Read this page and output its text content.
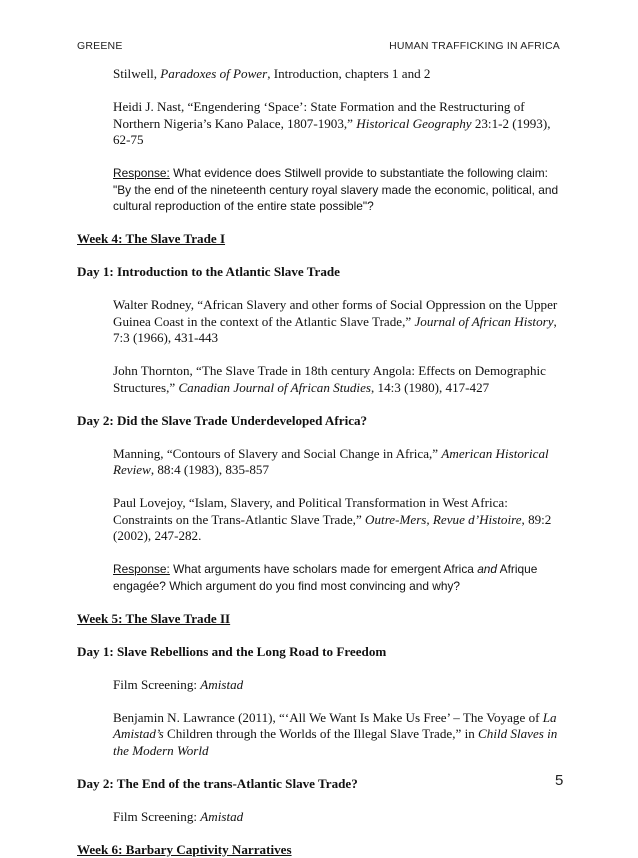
GREENE	HUMAN TRAFFICKING IN AFRICA

Stilwell, Paradoxes of Power, Introduction, chapters 1 and 2

Heidi J. Nast, “Engendering ‘Space’: State Formation and the Restructuring of Northern Nigeria’s Kano Palace, 1807-1903,” Historical Geography 23:1-2 (1993), 62-75

Response: What evidence does Stilwell provide to substantiate the following claim: "By the end of the nineteenth century royal slavery made the economic, political, and cultural reproduction of the entire state possible"?

Week 4: The Slave Trade I

Day 1: Introduction to the Atlantic Slave Trade

Walter Rodney, “African Slavery and other forms of Social Oppression on the Upper Guinea Coast in the context of the Atlantic Slave Trade,” Journal of African History, 7:3 (1966), 431-443

John Thornton, “The Slave Trade in 18th century Angola: Effects on Demographic Structures,” Canadian Journal of African Studies, 14:3 (1980), 417-427

Day 2: Did the Slave Trade Underdeveloped Africa?

Manning, “Contours of Slavery and Social Change in Africa,” American Historical Review, 88:4 (1983), 835-857

Paul Lovejoy, “Islam, Slavery, and Political Transformation in West Africa: Constraints on the Trans-Atlantic Slave Trade,” Outre-Mers, Revue d’Histoire, 89:2 (2002), 247-282.

Response: What arguments have scholars made for emergent Africa and Afrique engagée? Which argument do you find most convincing and why?

Week 5: The Slave Trade II

Day 1: Slave Rebellions and the Long Road to Freedom

Film Screening: Amistad

Benjamin N. Lawrance (2011), “‘All We Want Is Make Us Free’ – The Voyage of La Amistad’s Children through the Worlds of the Illegal Slave Trade,” in Child Slaves in the Modern World

Day 2: The End of the trans-Atlantic Slave Trade?

Film Screening: Amistad

Week 6: Barbary Captivity Narratives

5
